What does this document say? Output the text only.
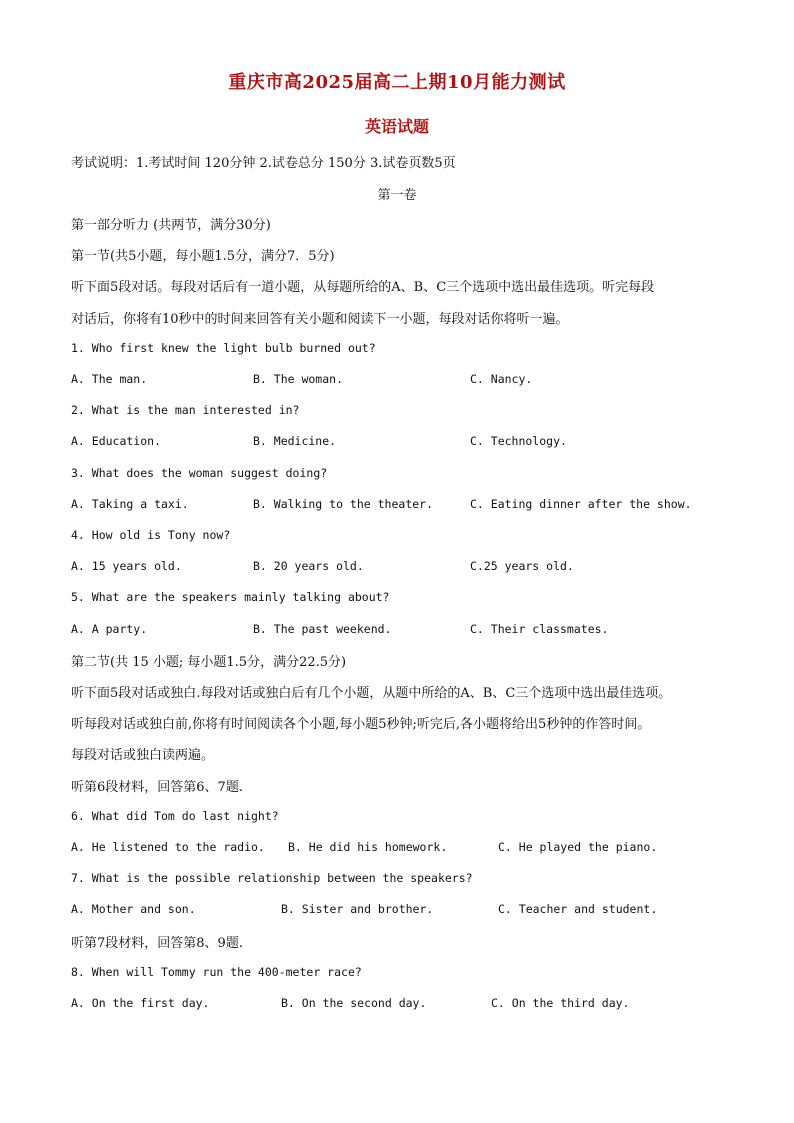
重庆市高2025届高二上期10月能力测试
英语试题
考试说明：1.考试时间 120分钟 2.试卷总分 150分 3.试卷页数5页
第一卷
第一部分听力 (共两节，满分30分)
第一节(共5小题，每小题1.5分，满分7．5分)
听下面5段对话。每段对话后有一道小题，从每题所给的A、B、C三个选项中选出最佳选项。听完每段
对话后，你将有10秒中的时间来回答有关小题和阅读下一小题，每段对话你将听一遍。
1. Who first knew the light bulb burned out?
A. The man.	B. The woman.	C. Nancy.
2. What is the man interested in?
A. Education.	B. Medicine.	C. Technology.
3. What does the woman suggest doing?
A. Taking a taxi.	B. Walking to the theater.	C. Eating dinner after the show.
4. How old is Tony now?
A. 15 years old.	B. 20 years old.	C.25 years old.
5. What are the speakers mainly talking about?
A. A party.	B. The past weekend.	C. Their classmates.
第二节(共 15 小题; 每小题1.5分，满分22.5分)
听下面5段对话或独白.每段对话或独白后有几个小题，从题中所给的A、B、C三个选项中选出最佳选项。
听每段对话或独白前,你将有时间阅读各个小题,每小题5秒钟;听完后,各小题将给出5秒钟的作答时间。
每段对话或独白读两遍。
听第6段材料，回答第6、7题.
6. What did Tom do last night?
A. He listened to the radio. B. He did his homework.	C. He played the piano.
7. What is the possible relationship between the speakers?
A. Mother and son.	B. Sister and brother.	C. Teacher and student.
听第7段材料，回答第8、9题.
8. When will Tommy run the 400-meter race?
A. On the first day.	B. On the second day.	C. On the third day.
